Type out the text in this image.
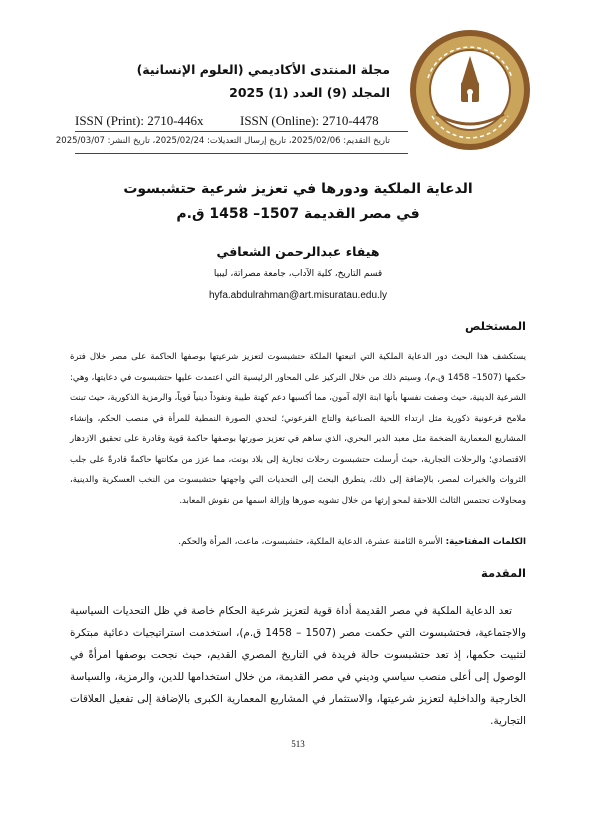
مجلة المنتدى الأكاديمي (العلوم الإنسانية)
المجلد (9) العدد (1) 2025
ISSN (Print): 2710-446x	ISSN (Online): 2710-4478
تاريخ التقديم: 2025/02/06، تاريخ إرسال التعديلات: 2025/02/24، تاريخ النشر: 2025/03/07
الدعاية الملكية ودورها في تعزيز شرعية حتشبسوت
في مصر القديمة 1507– 1458 ق.م
هيفاء عبدالرحمن الشعافي
قسم التاريخ، كلية الآداب، جامعة مصراتة، ليبيا
hyfa.abdulrahman@art.misuratau.edu.ly
المستخلص
يستكشف هذا البحث دور الدعاية الملكية التي اتبعتها الملكة حتشبسوت لتعزيز شرعيتها بوصفها الحاكمة على مصر خلال فترة حكمها (1507– 1458 ق.م)، وسيتم ذلك من خلال التركيز على المحاور الرئيسية التي اعتمدت عليها حتشبسوت في دعايتها، وهي: الشرعية الدينية، حيث وصفت نفسها بأنها ابنة الإله آمون، مما أكسبها دعم كهنة طيبة ونفوذاً دينياً قوياً، والرمزية الذكورية، حيث تبنت ملامح فرعونية ذكورية مثل ارتداء اللحية الصناعية والتاج الفرعوني؛ لتحدي الصورة النمطية للمرأة في منصب الحكم، وإنشاء المشاريع المعمارية الضخمة مثل معبد الدير البحري، الذي ساهم في تعزيز صورتها بوصفها حاكمة قوية وقادرة على تحقيق الازدهار الاقتصادي؛ والرحلات التجارية، حيث أرسلت حتشبسوت رحلات تجارية إلى بلاد بونت، مما عزز من مكانتها حاكمةً قادرةً على جلب الثروات والخيرات لمصر، بالإضافة إلى ذلك، يتطرق البحث إلى التحديات التي واجهتها حتشبسوت من النخب العسكرية والدينية، ومحاولات تحتمس الثالث اللاحقة لمحو إرثها من خلال تشويه صورها وإزالة اسمها من نقوش المعابد.
الكلمات المفتاحية: الأسرة الثامنة عشرة، الدعاية الملكية، حتشبسوت، ماعت، المرأة والحكم.
المقدمة
تعد الدعاية الملكية في مصر القديمة أداة قوية لتعزيز شرعية الحكام خاصة في ظل التحديات السياسية والاجتماعية، فحتشبسوت التي حكمت مصر (1507 – 1458 ق.م)، استخدمت استراتيجيات دعائية مبتكرة لتثبيت حكمها، إذ تعد حتشبسوت حالة فريدة في التاريخ المصري القديم، حيث نجحت بوصفها امرأةً في الوصول إلى أعلى منصب سياسي وديني في مصر القديمة، من خلال استخدامها للدين، والرمزية، والسياسة الخارجية والداخلية لتعزيز شرعيتها، والاستثمار في المشاريع المعمارية الكبرى بالإضافة إلى تفعيل العلاقات التجارية.
513
